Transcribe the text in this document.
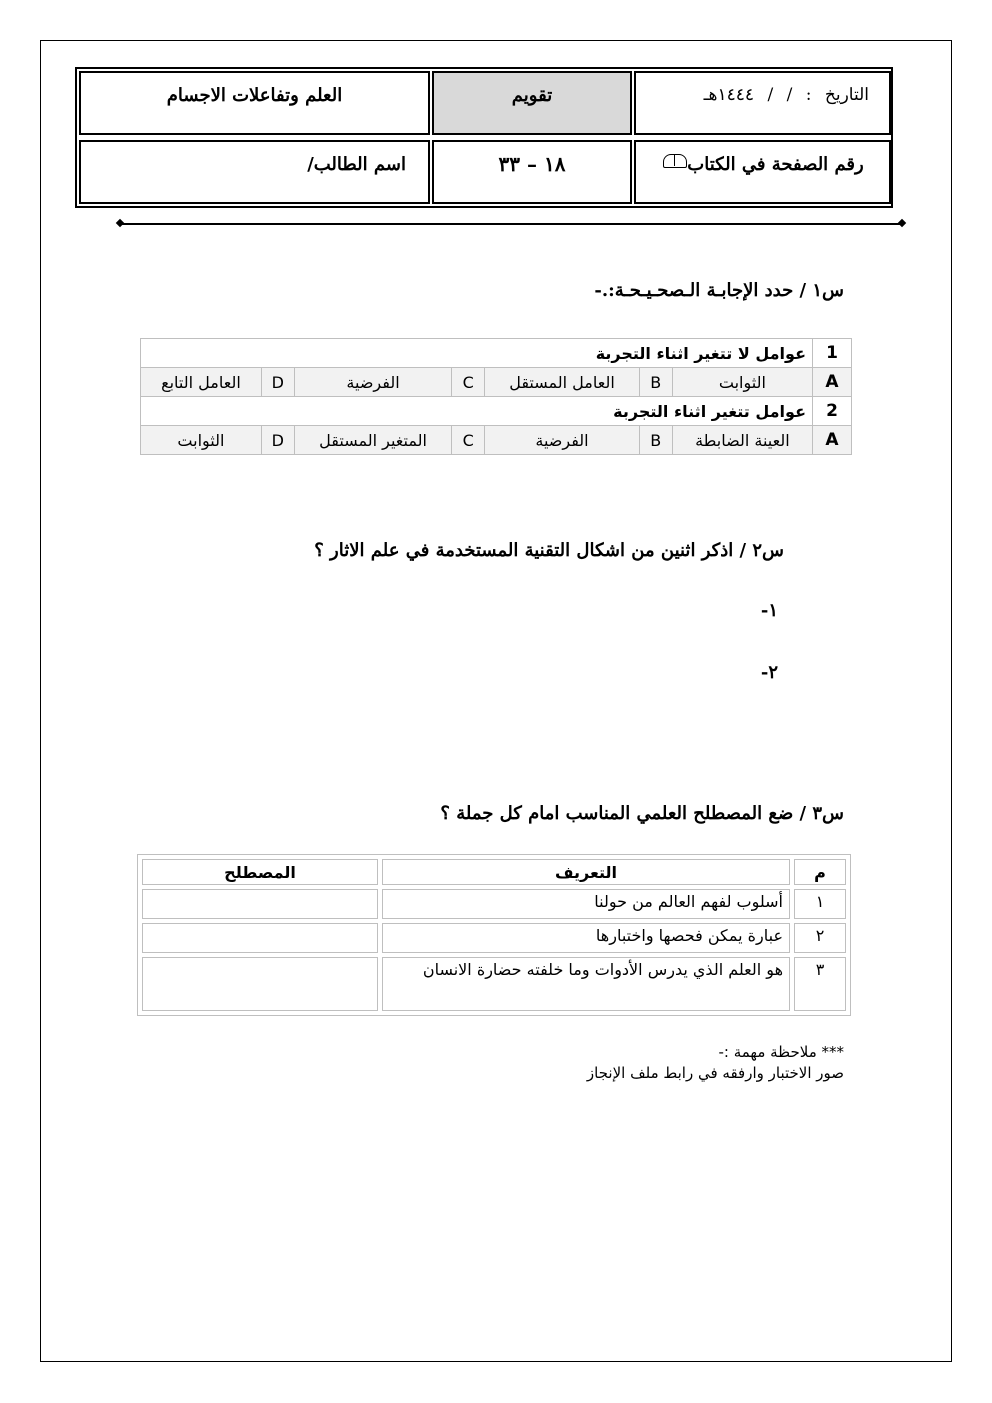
العلم وتفاعلات الاجسام	تقويم	التاريخ : / / ١٤٤٤هـ
اسم الطالب/	١٨ – ٣٣	رقم الصفحة في الكتاب
س١ / حدد الإجابـة الـصحـيـحـة:.-
1	عوامل لا تتغير اثناء التجربة						
A	الثوابت	B	العامل المستقل	C	الفرضية	D	العامل التابع
2	عوامل تتغير اثناء التجربة						
A	العينة الضابطة	B	الفرضية	C	المتغير المستقل	D	الثوابت
س٢ / اذكر اثنين من اشكال التقنية المستخدمة في علم الاثار ؟
١-
٢-
س٣ / ضع المصطلح العلمي المناسب امام كل جملة ؟
م	التعريف	المصطلح
١	أسلوب لفهم العالم من حولنا	
٢	عبارة يمكن فحصها واختبارها	
٣	هو العلم الذي يدرس الأدوات وما خلفته حضارة الانسان	
*** ملاحظة مهمة :-
صور الاختبار وارفقه في رابط ملف الإنجاز
